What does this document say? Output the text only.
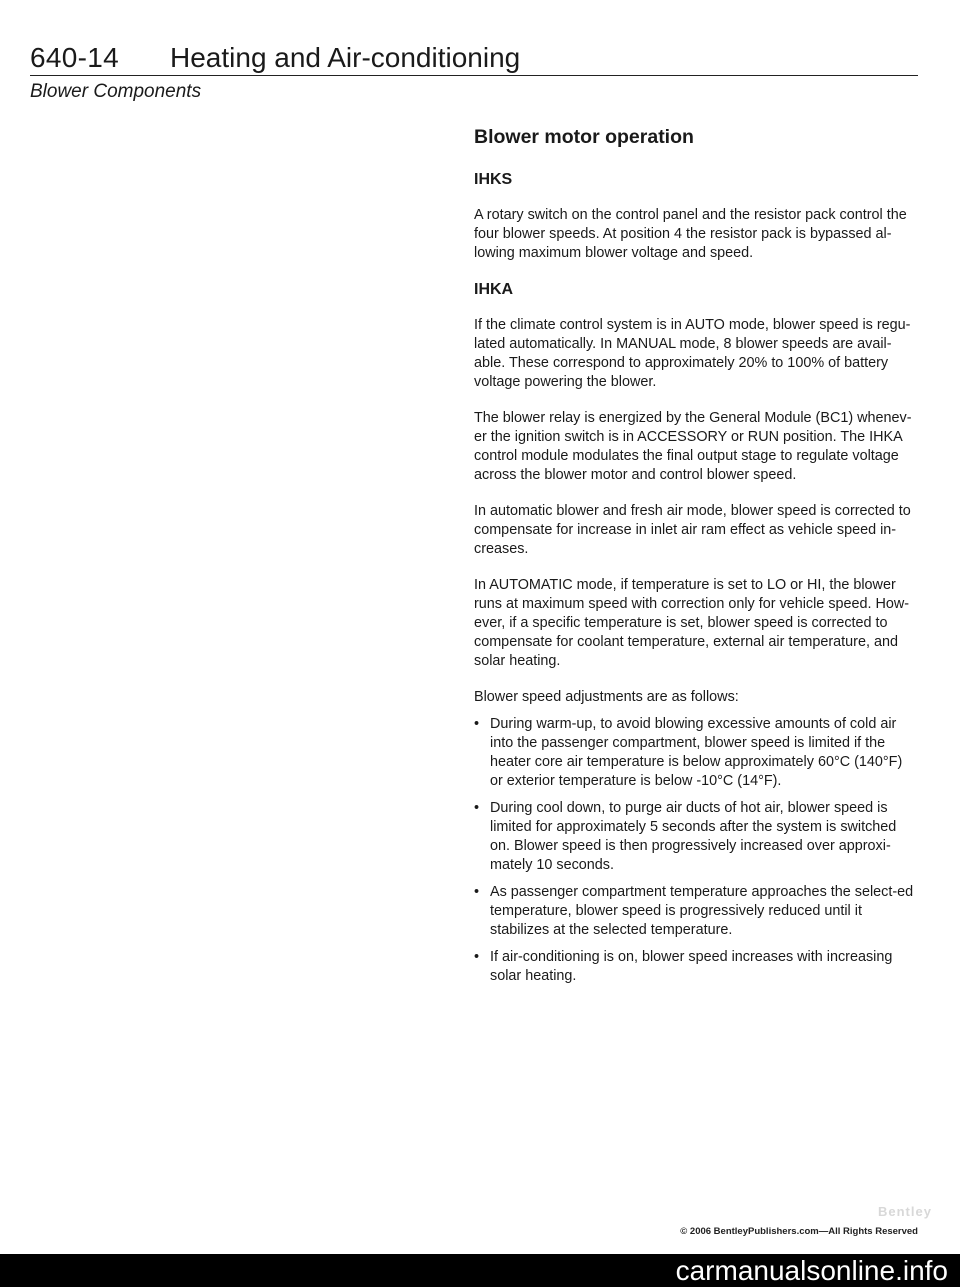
640-14 Heating and Air-conditioning
Blower Components
Blower motor operation
IHKS

A rotary switch on the control panel and the resistor pack control the four blower speeds. At position 4 the resistor pack is bypassed al-lowing maximum blower voltage and speed.

IHKA

If the climate control system is in AUTO mode, blower speed is regu-lated automatically. In MANUAL mode, 8 blower speeds are avail-able. These correspond to approximately 20% to 100% of battery voltage powering the blower.

The blower relay is energized by the General Module (BC1) whenev-er the ignition switch is in ACCESSORY or RUN position. The IHKA control module modulates the final output stage to regulate voltage across the blower motor and control blower speed.

In automatic blower and fresh air mode, blower speed is corrected to compensate for increase in inlet air ram effect as vehicle speed in-creases.

In AUTOMATIC mode, if temperature is set to LO or HI, the blower runs at maximum speed with correction only for vehicle speed. How-ever, if a specific temperature is set, blower speed is corrected to compensate for coolant temperature, external air temperature, and solar heating.

Blower speed adjustments are as follows:

• During warm-up, to avoid blowing excessive amounts of cold air into the passenger compartment, blower speed is limited if the heater core air temperature is below approximately 60°C (140°F) or exterior temperature is below -10°C (14°F).
• During cool down, to purge air ducts of hot air, blower speed is limited for approximately 5 seconds after the system is switched on. Blower speed is then progressively increased over approxi-mately 10 seconds.
• As passenger compartment temperature approaches the select-ed temperature, blower speed is progressively reduced until it stabilizes at the selected temperature.
• If air-conditioning is on, blower speed increases with increasing solar heating.
Bentley
© 2006 BentleyPublishers.com—All Rights Reserved
carmanualsonline.info
